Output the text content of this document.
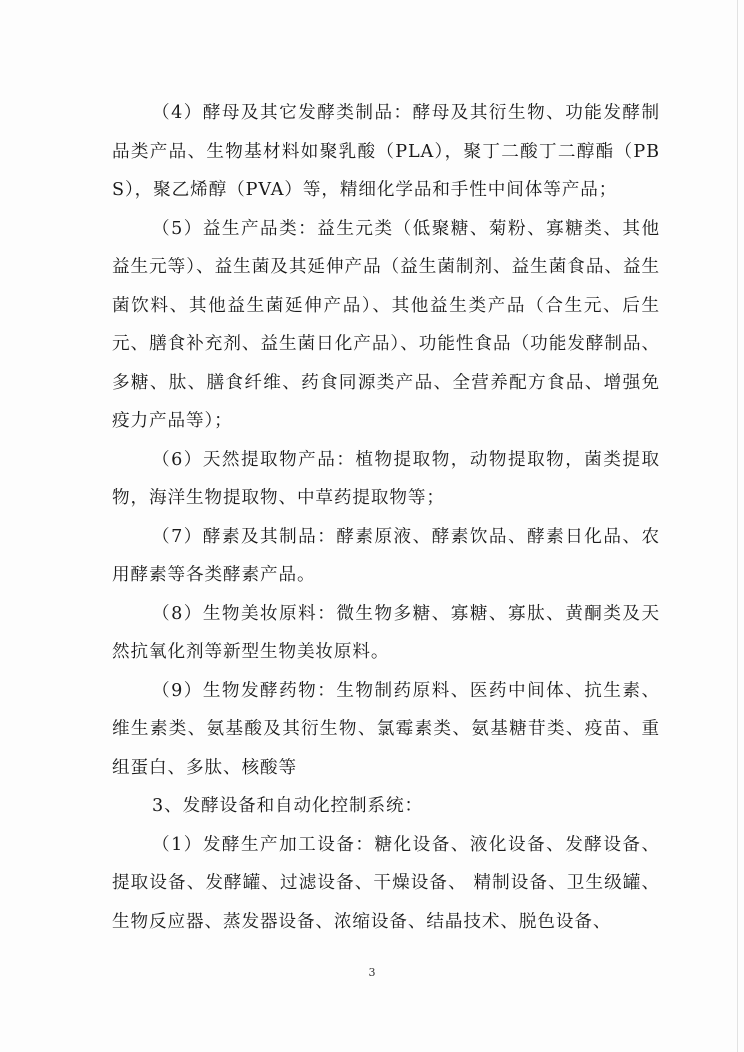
（4）酵母及其它发酵类制品：酵母及其衍生物、功能发酵制品类产品、生物基材料如聚乳酸（PLA），聚丁二酸丁二醇酯（PBS），聚乙烯醇（PVA）等，精细化学品和手性中间体等产品；

（5）益生产品类：益生元类（低聚糖、菊粉、寡糖类、其他益生元等）、益生菌及其延伸产品（益生菌制剂、益生菌食品、益生菌饮料、其他益生菌延伸产品）、其他益生类产品（合生元、后生元、膳食补充剂、益生菌日化产品）、功能性食品（功能发酵制品、多糖、肽、膳食纤维、药食同源类产品、全营养配方食品、增强免疫力产品等）；

（6）天然提取物产品：植物提取物，动物提取物，菌类提取物，海洋生物提取物、中草药提取物等；

（7）酵素及其制品：酵素原液、酵素饮品、酵素日化品、农用酵素等各类酵素产品。

（8）生物美妆原料：微生物多糖、寡糖、寡肽、黄酮类及天然抗氧化剂等新型生物美妆原料。

（9）生物发酵药物：生物制药原料、医药中间体、抗生素、维生素类、氨基酸及其衍生物、氯霉素类、氨基糖苷类、疫苗、重组蛋白、多肽、核酸等

3、发酵设备和自动化控制系统：

（1）发酵生产加工设备：糖化设备、液化设备、发酵设备、提取设备、发酵罐、过滤设备、干燥设备、 精制设备、卫生级罐、生物反应器、蒸发器设备、浓缩设备、结晶技术、脱色设备、

3
